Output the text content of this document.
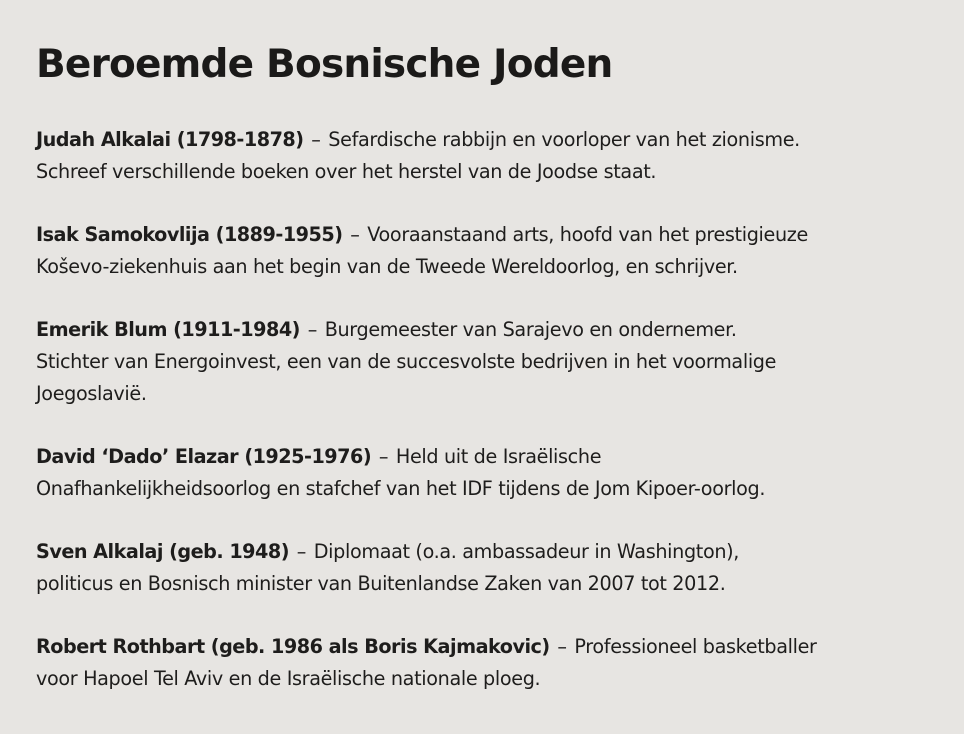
Beroemde Bosnische Joden

Judah Alkalai (1798-1878) – Sefardische rabbijn en voorloper van het zionisme.
Schreef verschillende boeken over het herstel van de Joodse staat.

Isak Samokovlija (1889-1955) – Vooraanstaand arts, hoofd van het prestigieuze
Koševo-ziekenhuis aan het begin van de Tweede Wereldoorlog, en schrijver.

Emerik Blum (1911-1984) – Burgemeester van Sarajevo en ondernemer.
Stichter van Energoinvest, een van de succesvolste bedrijven in het voormalige
Joegoslavië.

David ‘Dado’ Elazar (1925-1976) – Held uit de Israëlische
Onafhankelijkheidsoorlog en stafchef van het IDF tijdens de Jom Kipoer-oorlog.

Sven Alkalaj (geb. 1948) – Diplomaat (o.a. ambassadeur in Washington),
politicus en Bosnisch minister van Buitenlandse Zaken van 2007 tot 2012.

Robert Rothbart (geb. 1986 als Boris Kajmakovic) – Professioneel basketballer
voor Hapoel Tel Aviv en de Israëlische nationale ploeg.
